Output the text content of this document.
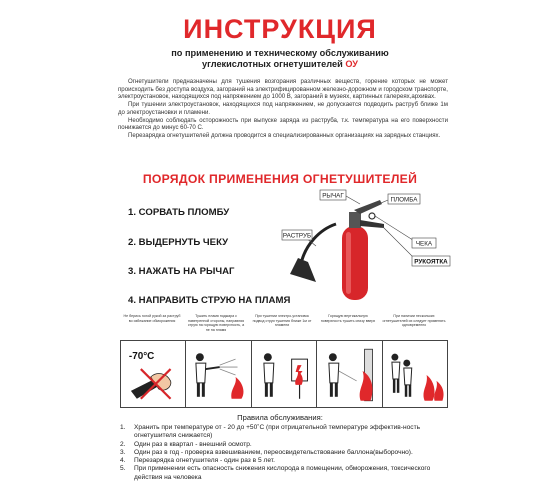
ИНСТРУКЦИЯ
по применению и техническому обслуживанию
углекислотных огнетушителей ОУ

Огнетушители предназначены для тушения возгорания различных веществ, горение которых не может происходить без доступа воздуха, загораний на электрифицированном железно-дорожном и городском транспорте, электроустановок, находящихся под напряжением до 1000 В, загораний в музеях, картинных галереях,архивах.

При тушении электроустановок, находящихся под напряжением, не допускается подводить раструб ближе 1м до электроустановки и пламени.

Необходимо соблюдать осторожность при выпуске заряда из раструба, т.к. температура на его поверхности понижается до минус 60-70 С.

Перезарядка огнетушителей должна проводится в специализированных организациях на зарядных станциях.

ПОРЯДОК ПРИМЕНЕНИЯ ОГНЕТУШИТЕЛЕЙ
1. СОРВАТЬ ПЛОМБУ
2. ВЫДЕРНУТЬ ЧЕКУ
3. НАЖАТЬ НА РЫЧАГ
4. НАПРАВИТЬ СТРУЮ НА ПЛАМЯ
РЫЧАГ
ПЛОМБА
РАСТРУБ
ЧЕКА
РУКОЯТКА
Не берись голой рукой за раструб во избежание обморожения
Тушить пламя поджара с наветренной стороны, направляя струю на горящую поверхность, а не на пламя
При тушении электро-установок подвод струи тушения ближе 1м от пламени
Горящую вертикальную поверхность тушить снизу вверх
При наличии нескольких огнетушителей их следует применять одновременно
-70°С
Правила обслуживания:
1.	Хранить при температуре от - 20 до +50˚С (при отрицательной температуре эффектив-ность огнетушителя снижается)
2.	Один раз в квартал - внешний осмотр.
3.	Один раз в год - проверка взвешиванием, переосвидетельствование баллона(выборочно).
4.	Перезарядка огнетушителя - один раз в 5 лет.
5.	При применении есть опасность снижения кислорода в помещении, обморожения, токсического действия на человека
